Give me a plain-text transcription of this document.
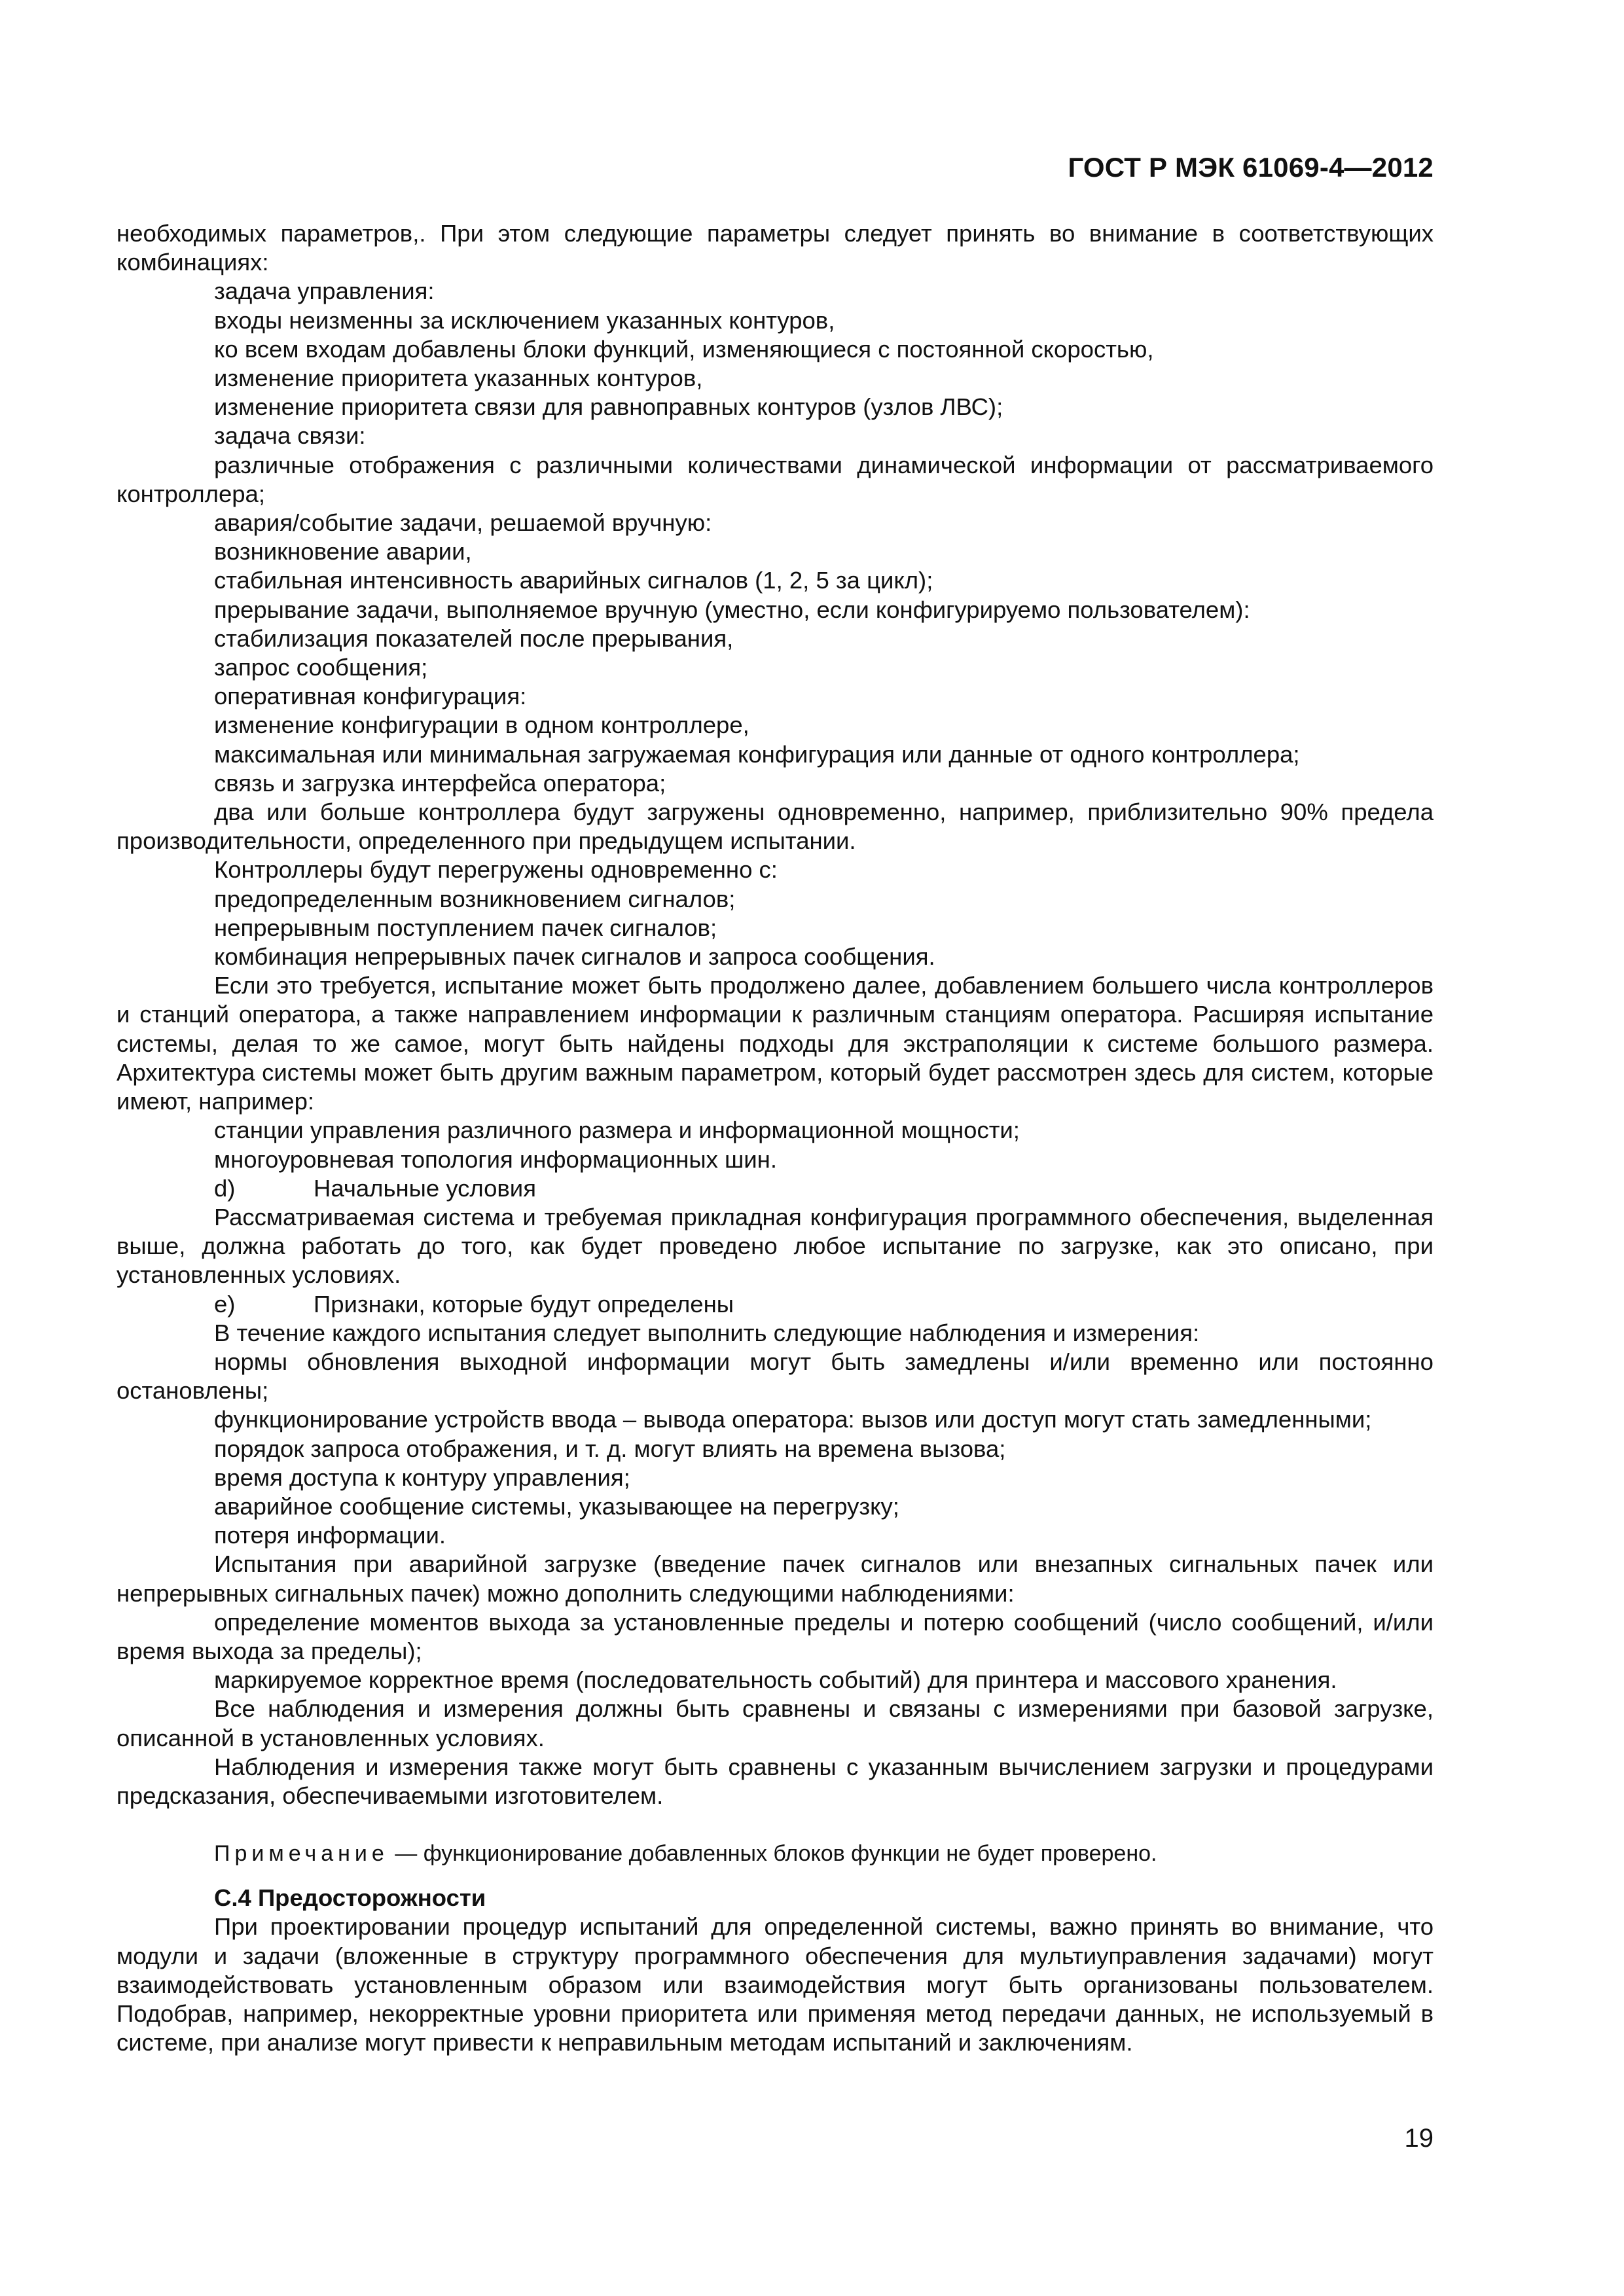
ГОСТ Р МЭК 61069-4—2012

необходимых параметров,. При этом следующие параметры следует принять во внимание в соответствующих комбинациях:

задача управления:

входы неизменны за исключением указанных контуров,

ко всем входам добавлены блоки функций, изменяющиеся с постоянной скоростью,

изменение приоритета указанных контуров,

изменение приоритета связи для равноправных контуров (узлов ЛВС);

задача связи:

различные отображения с различными количествами динамической информации от рассматриваемого контроллера;

авария/событие задачи, решаемой вручную:

возникновение аварии,

стабильная интенсивность аварийных сигналов (1, 2, 5 за цикл);

прерывание задачи, выполняемое вручную (уместно, если конфигурируемо пользователем):

стабилизация показателей после прерывания,

запрос сообщения;

оперативная конфигурация:

изменение конфигурации в одном контроллере,

максимальная или минимальная загружаемая конфигурация или данные от одного контроллера;

связь и загрузка интерфейса оператора;

два или больше контроллера будут загружены одновременно, например, приблизительно 90% предела производительности, определенного при предыдущем испытании.

Контроллеры будут перегружены одновременно с:

предопределенным возникновением сигналов;

непрерывным поступлением пачек сигналов;

комбинация непрерывных пачек сигналов и запроса сообщения.

Если это требуется, испытание может быть продолжено далее, добавлением большего числа контроллеров и станций оператора, а также направлением информации к различным станциям оператора. Расширяя испытание системы, делая то же самое, могут быть найдены подходы для экстраполяции к системе большого размера. Архитектура системы может быть другим важным параметром, который будет рассмотрен здесь для систем, которые имеют, например:

станции управления различного размера и информационной мощности;

многоуровневая топология информационных шин.

d)	Начальные условия

Рассматриваемая система и требуемая прикладная конфигурация программного обеспечения, выделенная выше, должна работать до того, как будет проведено любое испытание по загрузке, как это описано, при установленных условиях.

e)	Признаки, которые будут определены

В течение каждого испытания следует выполнить следующие наблюдения и измерения:

нормы обновления выходной информации могут быть замедлены и/или временно или постоянно остановлены;

функционирование устройств ввода – вывода оператора: вызов или доступ могут стать замедленными;

порядок запроса отображения, и т. д. могут влиять на времена вызова;

время доступа к контуру управления;

аварийное сообщение системы, указывающее на перегрузку;

потеря информации.

Испытания при аварийной загрузке (введение пачек сигналов или внезапных сигнальных пачек или непрерывных сигнальных пачек) можно дополнить следующими наблюдениями:

определение моментов выхода за установленные пределы и потерю сообщений (число сообщений, и/или время выхода за пределы);

маркируемое корректное время (последовательность событий) для принтера и массового хранения.

Все наблюдения и измерения должны быть сравнены и связаны с измерениями при базовой загрузке, описанной в установленных условиях.

Наблюдения и измерения также могут быть сравнены с указанным вычислением загрузки и процедурами предсказания, обеспечиваемыми изготовителем.

Примечание — функционирование добавленных блоков функции не будет проверено.

С.4 Предосторожности

При проектировании процедур испытаний для определенной системы, важно принять во внимание, что модули и задачи (вложенные в структуру программного обеспечения для мультиуправления задачами) могут взаимодействовать установленным образом или взаимодействия могут быть организованы пользователем. Подобрав, например, некорректные уровни приоритета или применяя метод передачи данных, не используемый в системе, при анализе могут привести к неправильным методам испытаний и заключениям.

19
